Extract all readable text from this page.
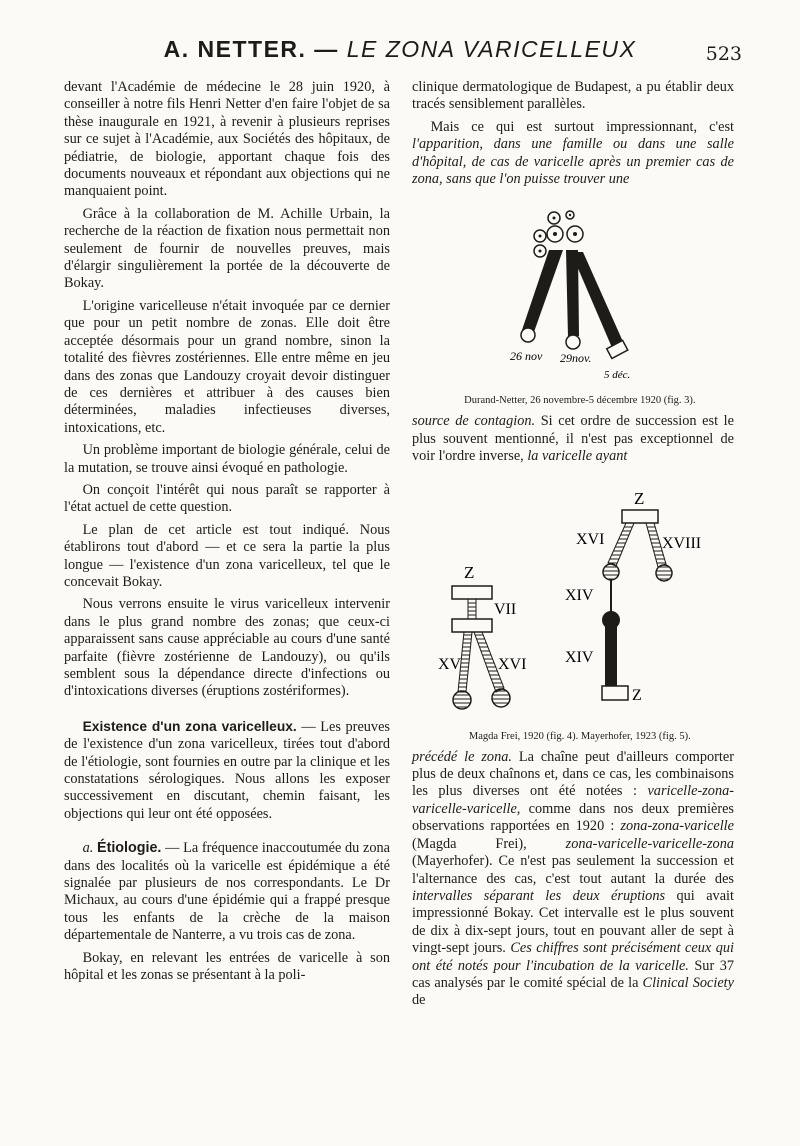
A. NETTER. — LE ZONA VARICELLEUX	523

devant l'Académie de médecine le 28 juin 1920, à conseiller à notre fils Henri Netter d'en faire l'objet de sa thèse inaugurale en 1921, à revenir à plusieurs reprises sur ce sujet à l'Académie, aux Sociétés des hôpitaux, de pédiatrie, de biologie, apportant chaque fois des documents nouveaux et répondant aux objections qui ne manquaient point.

Grâce à la collaboration de M. Achille Urbain, la recherche de la réaction de fixation nous permettait non seulement de fournir de nouvelles preuves, mais d'élargir singulièrement la portée de la découverte de Bokay.

L'origine varicelleuse n'était invoquée par ce dernier que pour un petit nombre de zonas. Elle doit être acceptée désormais pour un grand nombre, sinon la totalité des fièvres zostériennes. Elle entre même en jeu dans des zonas que Landouzy croyait devoir distinguer de ces dernières et attribuer à des causes bien déterminées, maladies infectieuses diverses, intoxications, etc.

Un problème important de biologie générale, celui de la mutation, se trouve ainsi évoqué en pathologie.

On conçoit l'intérêt qui nous paraît se rapporter à l'état actuel de cette question.

Le plan de cet article est tout indiqué. Nous établirons tout d'abord — et ce sera la partie la plus longue — l'existence d'un zona varicelleux, tel que le concevait Bokay.

Nous verrons ensuite le virus varicelleux intervenir dans le plus grand nombre des zonas; que ceux-ci apparaissent sans cause appréciable au cours d'une santé parfaite (fièvre zostérienne de Landouzy), ou qu'ils semblent sous la dépendance directe d'infections ou d'intoxications diverses (éruptions zostériformes).

Existence d'un zona varicelleux. — Les preuves de l'existence d'un zona varicelleux, tirées tout d'abord de l'étiologie, sont fournies en outre par la clinique et les constatations sérologiques. Nous allons les exposer successivement en discutant, chemin faisant, les objections qui leur ont été opposées.

a. Étiologie. — La fréquence inaccoutumée du zona dans des localités où la varicelle est épidémique a été signalée par plusieurs de nos correspondants. Le Dr Michaux, au cours d'une épidémie qui a frappé presque tous les enfants de la crèche de la maison départementale de Nanterre, a vu trois cas de zona.

Bokay, en relevant les entrées de varicelle à son hôpital et les zonas se présentant à la poli-

clinique dermatologique de Budapest, a pu établir deux tracés sensiblement parallèles.

Mais ce qui est surtout impressionnant, c'est l'apparition, dans une famille ou dans une salle d'hôpital, de cas de varicelle après un premier cas de zona, sans que l'on puisse trouver une

26 nov 29nov.
5 déc.

Durand-Netter, 26 novembre-5 décembre 1920 (fig. 3).

source de contagion. Si cet ordre de succession est le plus souvent mentionné, il n'est pas exceptionnel de voir l'ordre inverse, la varicelle ayant

Z
VII
XV XVI
Z
XVI	XVIII
XIV
XIV
Z

Magda Frei, 1920 (fig. 4). Mayerhofer, 1923 (fig. 5).

précédé le zona. La chaîne peut d'ailleurs comporter plus de deux chaînons et, dans ce cas, les combinaisons les plus diverses ont été notées : varicelle-zona-varicelle-varicelle, comme dans nos deux premières observations rapportées en 1920 : zona-zona-varicelle (Magda Frei), zona-varicelle-varicelle-zona (Mayerhofer). Ce n'est pas seulement la succession et l'alternance des cas, c'est tout autant la durée des intervalles séparant les deux éruptions qui avait impressionné Bokay. Cet intervalle est le plus souvent de dix à dix-sept jours, tout en pouvant aller de sept à vingt-sept jours. Ces chiffres sont précisément ceux qui ont été notés pour l'incubation de la varicelle. Sur 37 cas analysés par le comité spécial de la Clinical Society de
